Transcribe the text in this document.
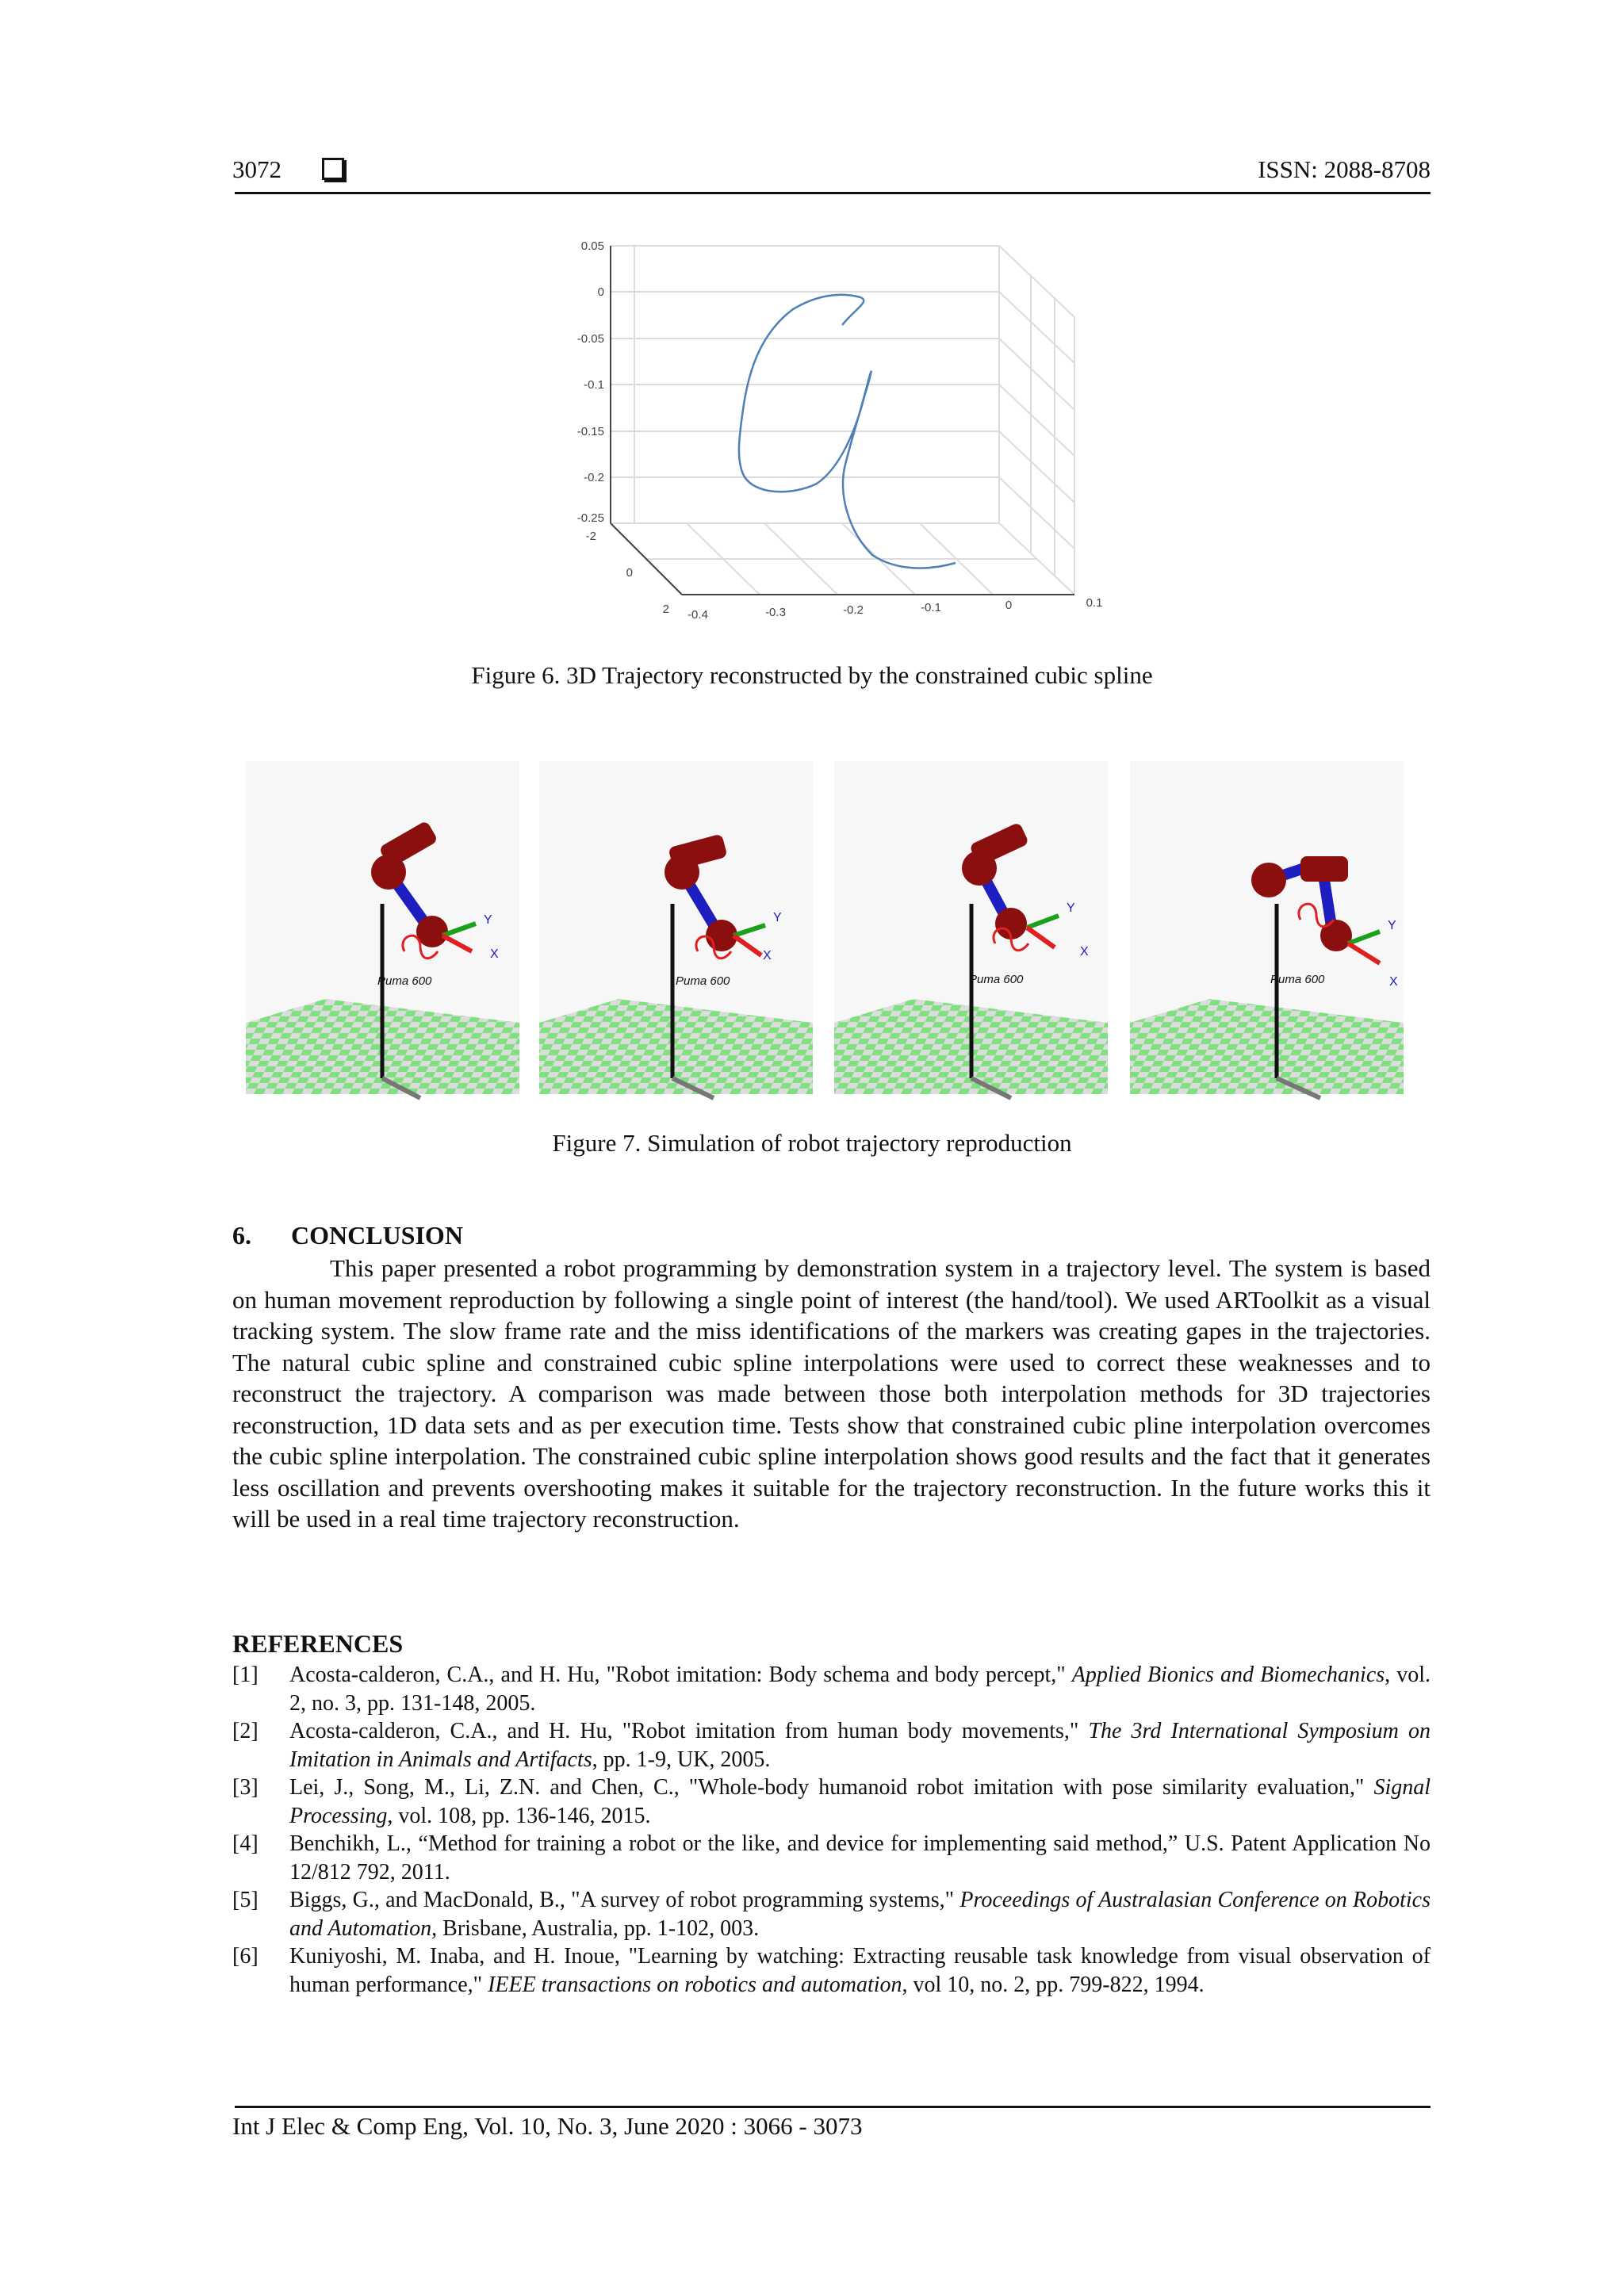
3072	ISSN: 2088-8708
0.05
0
-0.05
-0.1
-0.15
-0.2
-0.25
-2
0
2 -0.4	-0.3	-0.2	-0.1	0	0.1
Figure 6. 3D Trajectory reconstructed by the constrained cubic spline
Y
X
Puma 600
Y
X
Puma 600
Y
X
Puma 600
Y
X
Puma 600
Figure 7. Simulation of robot trajectory reproduction
6. CONCLUSION
This paper presented a robot programming by demonstration system in a trajectory level. The system is based on human movement reproduction by following a single point of interest (the hand/tool). We used ARToolkit as a visual tracking system. The slow frame rate and the miss identifications of the markers was creating gapes in the trajectories. The natural cubic spline and constrained cubic spline interpolations were used to correct these weaknesses and to reconstruct the trajectory. A comparison was made between those both interpolation methods for 3D trajectories reconstruction, 1D data sets and as per execution time. Tests show that constrained cubic pline interpolation overcomes the cubic spline interpolation. The constrained cubic spline interpolation shows good results and the fact that it generates less oscillation and prevents overshooting makes it suitable for the trajectory reconstruction. In the future works this it will be used in a real time trajectory reconstruction.
REFERENCES
[1]	Acosta-calderon, C.A., and H. Hu, "Robot imitation: Body schema and body percept," Applied Bionics and Biomechanics, vol. 2, no. 3, pp. 131-148, 2005.
[2]	Acosta-calderon, C.A., and H. Hu, "Robot imitation from human body movements," The 3rd International Symposium on Imitation in Animals and Artifacts, pp. 1-9, UK, 2005.
[3]	Lei, J., Song, M., Li, Z.N. and Chen, C., "Whole-body humanoid robot imitation with pose similarity evaluation," Signal Processing, vol. 108, pp. 136-146, 2015.
[4]	Benchikh, L., “Method for training a robot or the like, and device for implementing said method,” U.S. Patent Application No 12/812 792, 2011.
[5]	Biggs, G., and MacDonald, B., "A survey of robot programming systems," Proceedings of Australasian Conference on Robotics and Automation, Brisbane, Australia, pp. 1-102, 003.
[6]	Kuniyoshi, M. Inaba, and H. Inoue, "Learning by watching: Extracting reusable task knowledge from visual observation of human performance," IEEE transactions on robotics and automation, vol 10, no. 2, pp. 799-822, 1994.
Int J Elec & Comp Eng, Vol. 10, No. 3, June 2020 : 3066 - 3073
